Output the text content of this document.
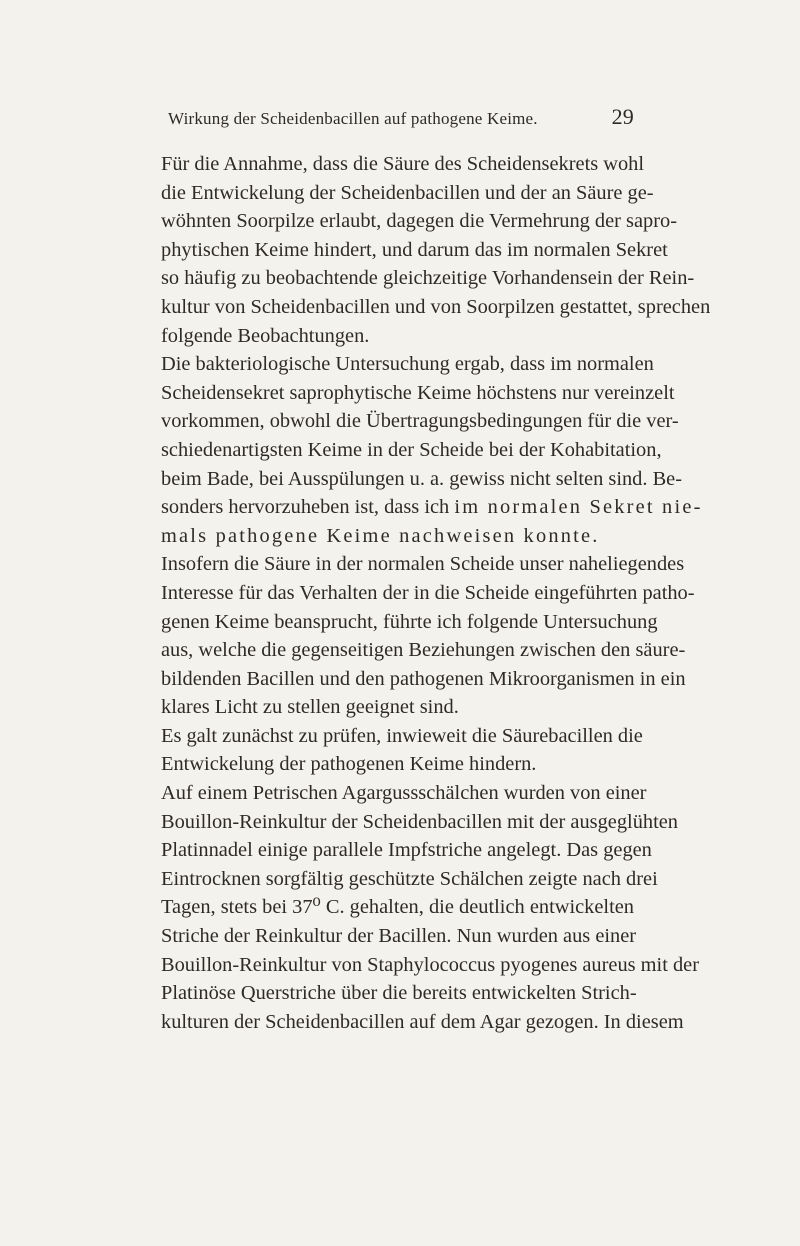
Wirkung der Scheidenbacillen auf pathogene Keime.	29

Für die Annahme, dass die Säure des Scheidensekrets wohl
die Entwickelung der Scheidenbacillen und der an Säure ge-
wöhnten Soorpilze erlaubt, dagegen die Vermehrung der sapro-
phytischen Keime hindert, und darum das im normalen Sekret
so häufig zu beobachtende gleichzeitige Vorhandensein der Rein-
kultur von Scheidenbacillen und von Soorpilzen gestattet, sprechen
folgende Beobachtungen.

Die bakteriologische Untersuchung ergab, dass im normalen
Scheidensekret saprophytische Keime höchstens nur vereinzelt
vorkommen, obwohl die Übertragungsbedingungen für die ver-
schiedenartigsten Keime in der Scheide bei der Kohabitation,
beim Bade, bei Ausspülungen u. a. gewiss nicht selten sind. Be-
sonders hervorzuheben ist, dass ich im normalen Sekret nie-
mals pathogene Keime nachweisen konnte.

Insofern die Säure in der normalen Scheide unser naheliegendes
Interesse für das Verhalten der in die Scheide eingeführten patho-
genen Keime beansprucht, führte ich folgende Untersuchung
aus, welche die gegenseitigen Beziehungen zwischen den säure-
bildenden Bacillen und den pathogenen Mikroorganismen in ein
klares Licht zu stellen geeignet sind.

Es galt zunächst zu prüfen, inwieweit die Säurebacillen die
Entwickelung der pathogenen Keime hindern.

Auf einem Petrischen Agargussschälchen wurden von einer
Bouillon-Reinkultur der Scheidenbacillen mit der ausgeglühten
Platinnadel einige parallele Impfstriche angelegt. Das gegen
Eintrocknen sorgfältig geschützte Schälchen zeigte nach drei
Tagen, stets bei 37⁰ C. gehalten, die deutlich entwickelten
Striche der Reinkultur der Bacillen. Nun wurden aus einer
Bouillon-Reinkultur von Staphylococcus pyogenes aureus mit der
Platinöse Querstriche über die bereits entwickelten Strich-
kulturen der Scheidenbacillen auf dem Agar gezogen. In diesem
